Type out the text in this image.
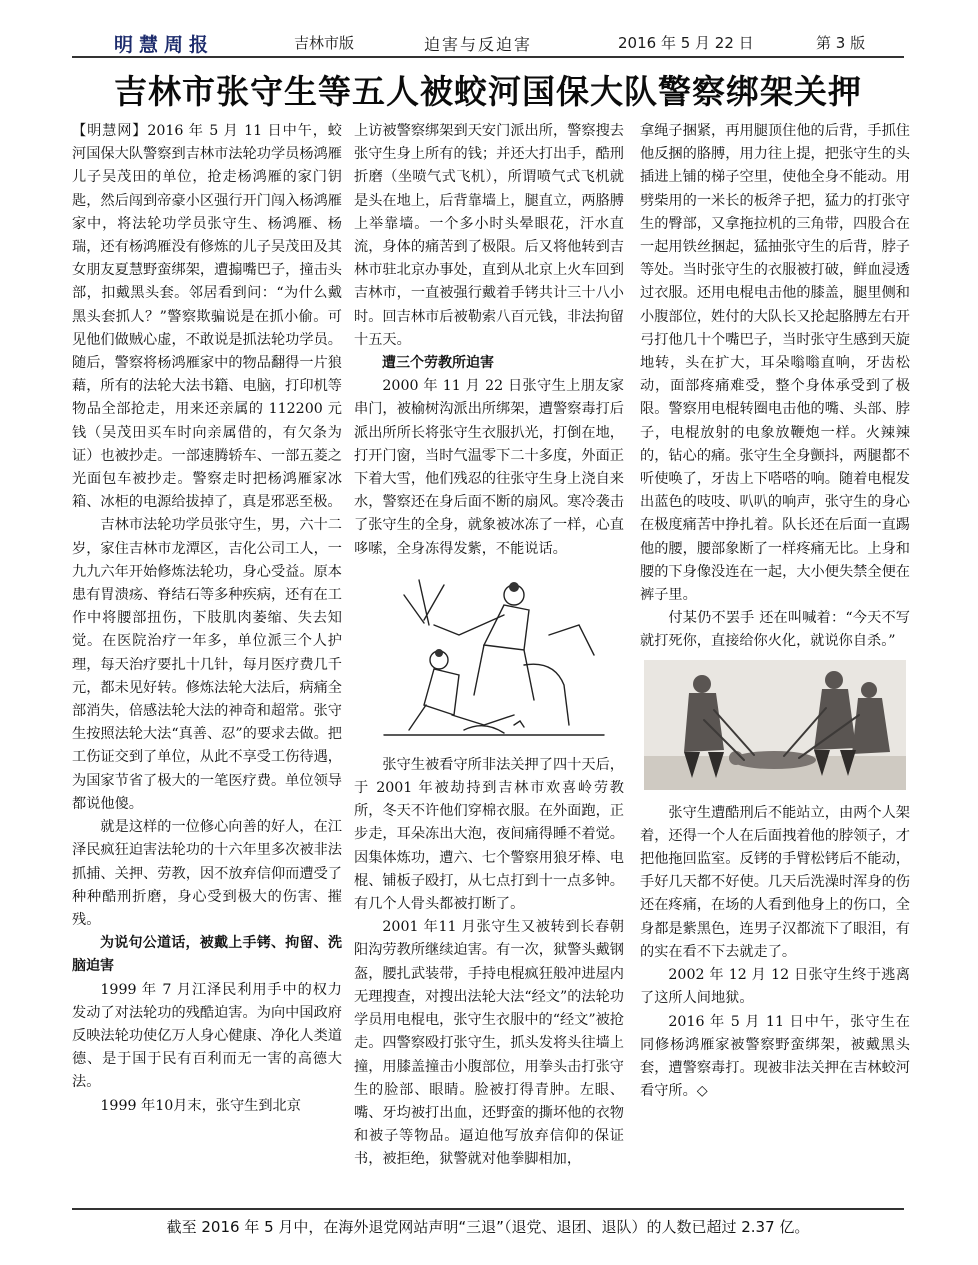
明慧周报	吉林市版	迫害与反迫害	2016 年 5 月 22 日	第 3 版
吉林市张守生等五人被蛟河国保大队警察绑架关押

【明慧网】2016 年 5 月 11 日中午，蛟河国保大队警察到吉林市法轮功学员杨鸿雁儿子吴茂田的单位，抢走杨鸿雁的家门钥匙，然后闯到帝豪小区强行开门闯入杨鸿雁家中，将法轮功学员张守生、杨鸿雁、杨瑞，还有杨鸿雁没有修炼的儿子吴茂田及其女朋友夏慧野蛮绑架，遭搧嘴巴子，撞击头部，扣戴黑头套。邻居看到问：“为什么戴黑头套抓人？”警察欺骗说是在抓小偷。可见他们做贼心虚，不敢说是抓法轮功学员。随后，警察将杨鸿雁家中的物品翻得一片狼藉，所有的法轮大法书籍、电脑，打印机等物品全部抢走，用来还亲属的 112200 元钱（吴茂田买车时向亲属借的，有欠条为证）也被抄走。一部速腾轿车、一部五菱之光面包车被抄走。警察走时把杨鸿雁家冰箱、冰柜的电源给拔掉了，真是邪恶至极。

吉林市法轮功学员张守生，男，六十二岁，家住吉林市龙潭区，吉化公司工人，一九九六年开始修炼法轮功，身心受益。原本患有胃溃疡、脊结石等多种疾病，还有在工作中将腰部扭伤，下肢肌肉萎缩、失去知觉。在医院治疗一年多，单位派三个人护理，每天治疗要扎十几针，每月医疗费几千元，都未见好转。修炼法轮大法后，病痛全部消失，倍感法轮大法的神奇和超常。张守生按照法轮大法“真善、忍”的要求去做。把工伤证交到了单位，从此不享受工伤待遇，为国家节省了极大的一笔医疗费。单位领导都说他傻。

就是这样的一位修心向善的好人，在江泽民疯狂迫害法轮功的十六年里多次被非法抓捕、关押、劳教，因不放弃信仰而遭受了种种酷刑折磨，身心受到极大的伤害、摧残。

为说句公道话，被戴上手铐、拘留、洗脑迫害

1999 年 7 月江泽民利用手中的权力发动了对法轮功的残酷迫害。为向中国政府反映法轮功使亿万人身心健康、净化人类道德、是于国于民有百利而无一害的高德大法。

1999 年10月末，张守生到北京

上访被警察绑架到天安门派出所，警察搜去张守生身上所有的钱；并还大打出手，酷刑折磨（坐喷气式飞机），所谓喷气式飞机就是头在地上，后背靠墙上，腿直立，两胳膊上举靠墙。一个多小时头晕眼花，汗水直流，身体的痛苦到了极限。后又将他转到吉林市驻北京办事处，直到从北京上火车回到吉林市，一直被强行戴着手铐共计三十八小时。回吉林市后被勒索八百元钱，非法拘留十五天。

遭三个劳教所迫害

2000 年 11 月 22 日张守生上朋友家串门，被榆树沟派出所绑架，遭警察毒打后派出所所长将张守生衣服扒光，打倒在地，打开门窗，当时气温零下二十多度，外面正下着大雪，他们残忍的往张守生身上浇自来水，警察还在身后面不断的扇风。寒冷袭击了张守生的全身，就象被冰冻了一样，心直哆嗦，全身冻得发紫，不能说话。

张守生被看守所非法关押了四十天后，于 2001 年被劫持到吉林市欢喜岭劳教所，冬天不许他们穿棉衣服。在外面跑，正步走，耳朵冻出大泡，夜间痛得睡不着觉。因集体炼功，遭六、七个警察用狼牙棒、电棍、铺板子殴打，从七点打到十一点多钟。有几个人骨头都被打断了。

2001 年11 月张守生又被转到长春朝阳沟劳教所继续迫害。有一次，狱警头戴钢盔，腰扎武装带，手持电棍疯狂般冲进屋内无理搜查，对搜出法轮大法“经文”的法轮功学员用电棍电，张守生衣服中的“经文”被抢走。四警察殴打张守生，抓头发将头往墙上撞，用膝盖撞击小腹部位，用拳头击打张守生的脸部、眼睛。脸被打得青肿。左眼、嘴、牙均被打出血，还野蛮的撕坏他的衣物和被子等物品。逼迫他写放弃信仰的保证书，被拒绝，狱警就对他拳脚相加，

拿绳子捆紧，再用腿顶住他的后背，手抓住他反捆的胳膊，用力往上提，把张守生的头插进上铺的梯子空里，使他全身不能动。用劈柴用的一米长的板斧子把，猛力的打张守生的臀部，又拿拖拉机的三角带，四股合在一起用铁丝捆起，猛抽张守生的后背，脖子等处。当时张守生的衣服被打破，鲜血浸透过衣服。还用电棍电击他的膝盖，腿里侧和小腹部位，姓付的大队长又抡起胳膊左右开弓打他几十个嘴巴子，当时张守生感到天旋地转，头在扩大，耳朵嗡嗡直响，牙齿松动，面部疼痛难受，整个身体承受到了极限。警察用电棍转圈电击他的嘴、头部、脖子，电棍放射的电象放鞭炮一样。火辣辣的，钻心的痛。张守生全身颤抖，两腿都不听使唤了，牙齿上下嗒嗒的响。随着电棍发出蓝色的吱吱、叭叭的响声，张守生的身心在极度痛苦中挣扎着。队长还在后面一直踢他的腰，腰部象断了一样疼痛无比。上身和腰的下身像没连在一起，大小便失禁全便在裤子里。

付某仍不罢手 还在叫喊着：“今天不写就打死你，直接给你火化，就说你自杀。”

张守生遭酷刑后不能站立，由两个人架着，还得一个人在后面拽着他的脖领子，才把他拖回监室。反铐的手臂松铐后不能动，手好几天都不好使。几天后洗澡时浑身的伤还在疼痛，在场的人看到他身上的伤口，全身都是紫黑色，连男子汉都流下了眼泪，有的实在看不下去就走了。

2002 年 12 月 12 日张守生终于逃离了这所人间地狱。

2016 年 5 月 11 日中午，张守生在同修杨鸿雁家被警察野蛮绑架，被戴黑头套，遭警察毒打。现被非法关押在吉林蛟河看守所。◇

截至 2016 年 5 月中，在海外退党网站声明“三退”（退党、退团、退队）的人数已超过 2.37 亿。
